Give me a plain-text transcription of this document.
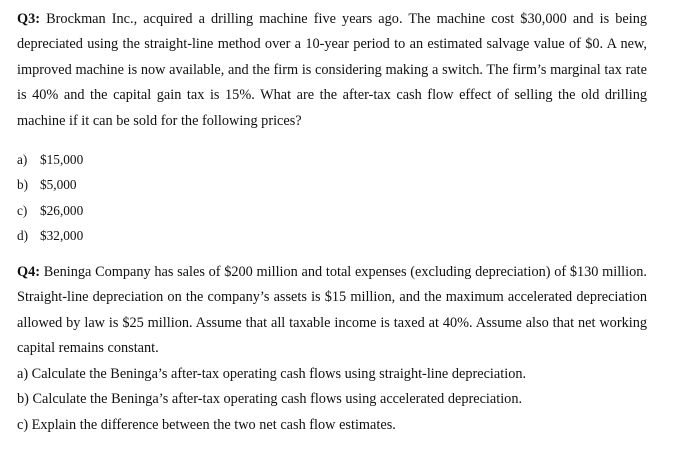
Q3: Brockman Inc., acquired a drilling machine five years ago. The machine cost $30,000 and is being depreciated using the straight-line method over a 10-year period to an estimated salvage value of $0. A new, improved machine is now available, and the firm is considering making a switch. The firm’s marginal tax rate is 40% and the capital gain tax is 15%. What are the after-tax cash flow effect of selling the old drilling machine if it can be sold for the following prices?

a) $15,000
b) $5,000
c) $26,000
d) $32,000

Q4: Beninga Company has sales of $200 million and total expenses (excluding depreciation) of $130 million. Straight-line depreciation on the company’s assets is $15 million, and the maximum accelerated depreciation allowed by law is $25 million. Assume that all taxable income is taxed at 40%. Assume also that net working capital remains constant.

a) Calculate the Beninga’s after-tax operating cash flows using straight-line depreciation.
b) Calculate the Beninga’s after-tax operating cash flows using accelerated depreciation.
c) Explain the difference between the two net cash flow estimates.
